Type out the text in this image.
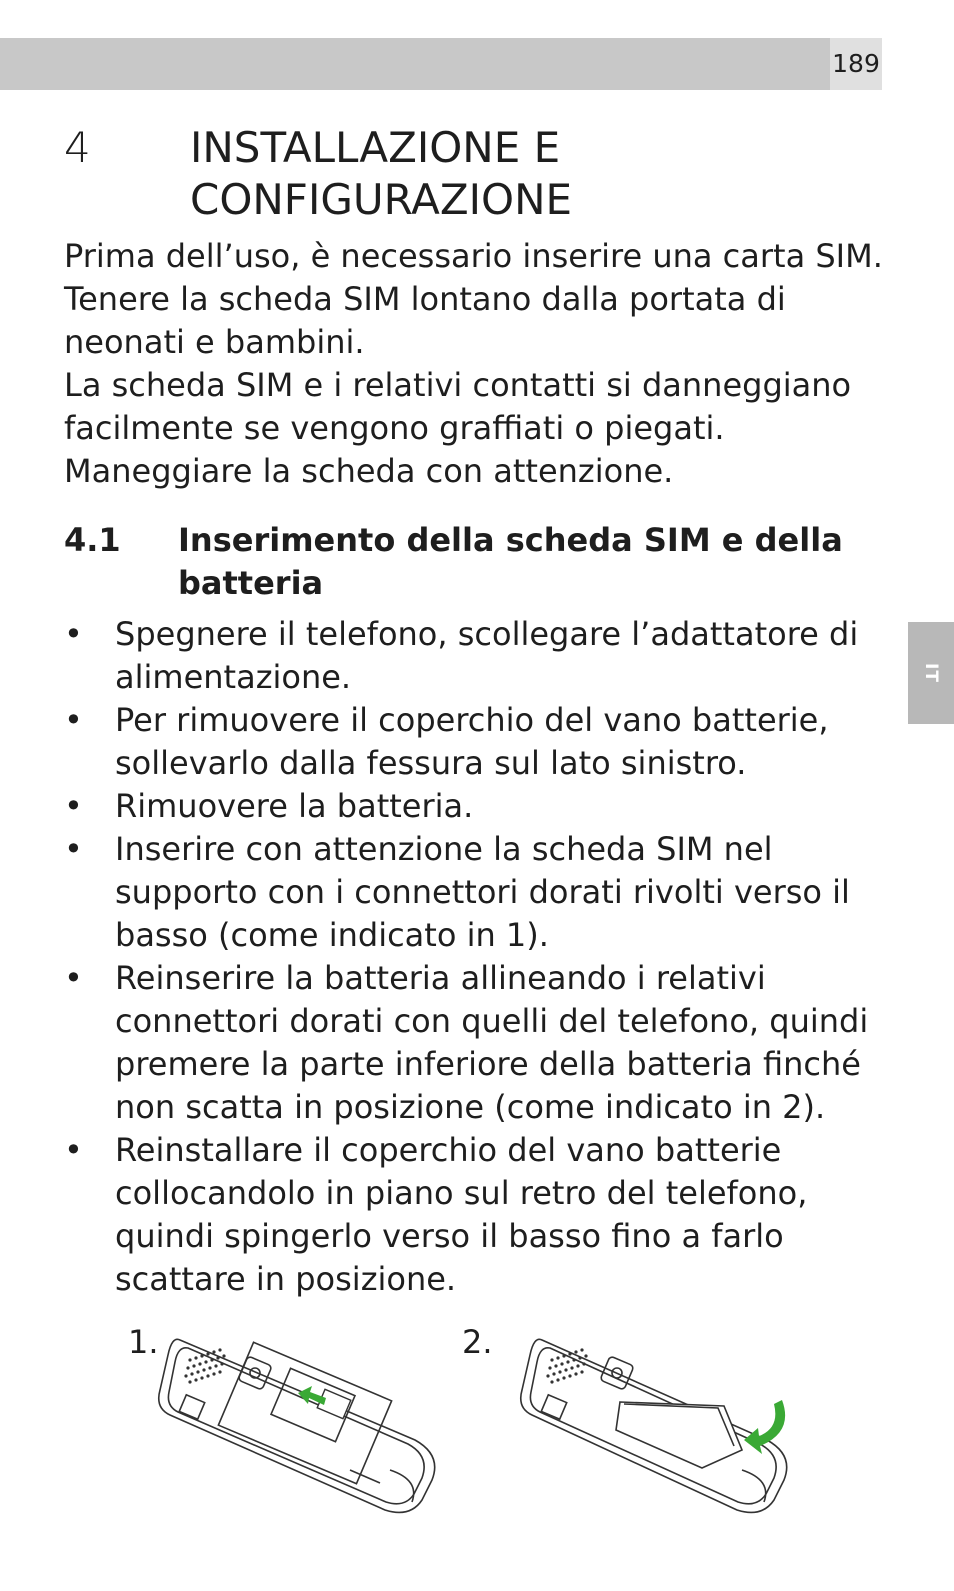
189
IT
4 INSTALLAZIONE E
CONFIGURAZIONE

Prima dell’uso, è necessario inserire una carta SIM. Tenere la scheda SIM lontano dalla portata di neonati e bambini.

La scheda SIM e i relativi contatti si danneggiano facilmente se vengono graffiati o piegati. Maneggiare la scheda con attenzione.

4.1 Inserimento della scheda SIM e della batteria
• Spegnere il telefono, scollegare l’adattatore di alimentazione.
• Per rimuovere il coperchio del vano batterie, sollevarlo dalla fessura sul lato sinistro.
• Rimuovere la batteria.
• Inserire con attenzione la scheda SIM nel supporto con i connettori dorati rivolti verso il basso (come indicato in 1).
• Reinserire la batteria allineando i relativi connettori dorati con quelli del telefono, quindi premere la parte inferiore della batteria finché non scatta in posizione (come indicato in 2).
• Reinstallare il coperchio del vano batterie collocandolo in piano sul retro del telefono, quindi spingerlo verso il basso fino a farlo scattare in posizione.
1.	2.
